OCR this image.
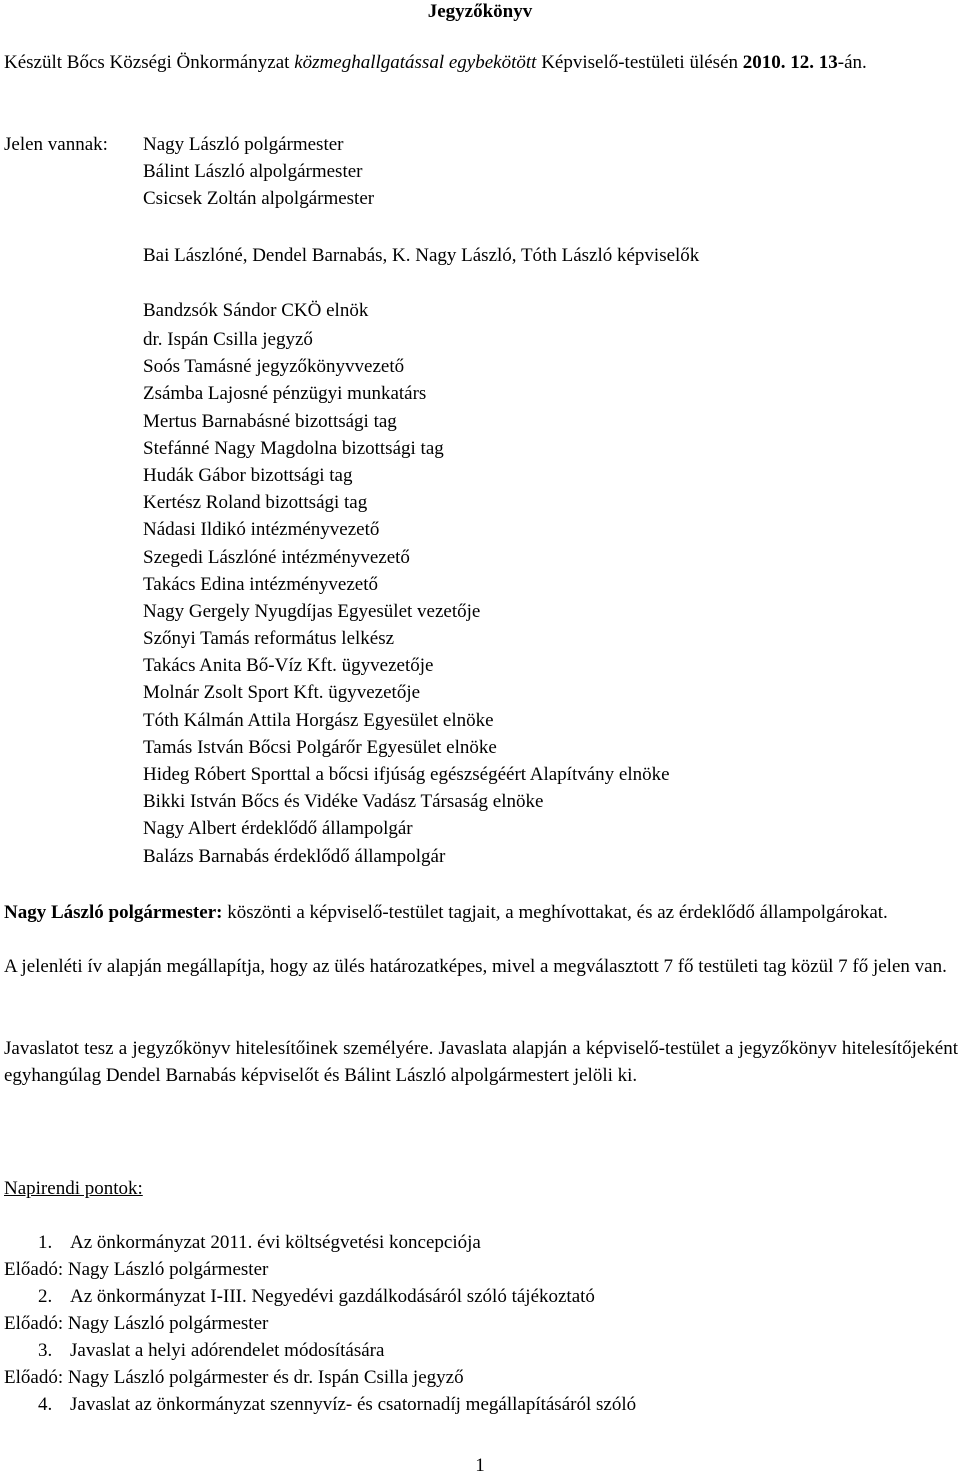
Jegyzőkönyv
Készült Bőcs Községi Önkormányzat közmeghallgatással egybekötött Képviselő-testületi ülésén 2010. 12. 13-án.
Jelen vannak: Nagy László polgármester
Bálint László alpolgármester
Csicsek Zoltán alpolgármester
Bai Lászlóné, Dendel Barnabás, K. Nagy László, Tóth László képviselők
Bandzsók Sándor CKÖ elnök
dr. Ispán Csilla jegyző
Soós Tamásné jegyzőkönyvvezető
Zsámba Lajosné pénzügyi munkatárs
Mertus Barnabásné bizottsági tag
Stefánné Nagy Magdolna bizottsági tag
Hudák Gábor bizottsági tag
Kertész Roland bizottsági tag
Nádasi Ildikó intézményvezető
Szegedi Lászlóné intézményvezető
Takács Edina intézményvezető
Nagy Gergely Nyugdíjas Egyesület vezetője
Szőnyi Tamás református lelkész
Takács Anita Bő-Víz Kft. ügyvezetője
Molnár Zsolt Sport Kft. ügyvezetője
Tóth Kálmán Attila Horgász Egyesület elnöke
Tamás István Bőcsi Polgárőr Egyesület elnöke
Hideg Róbert Sporttal a bőcsi ifjúság egészségéért Alapítvány elnöke
Bikki István Bőcs és Vidéke Vadász Társaság elnöke
Nagy Albert érdeklődő állampolgár
Balázs Barnabás érdeklődő állampolgár
Nagy László polgármester: köszönti a képviselő-testület tagjait, a meghívottakat, és az érdeklődő állampolgárokat.
A jelenléti ív alapján megállapítja, hogy az ülés határozatképes, mivel a megválasztott 7 fő testületi tag közül 7 fő jelen van.
Javaslatot tesz a jegyzőkönyv hitelesítőinek személyére. Javaslata alapján a képviselő-testület a jegyzőkönyv hitelesítőjeként egyhangúlag Dendel Barnabás képviselőt és Bálint László alpolgármestert jelöli ki.
Napirendi pontok:
1. Az önkormányzat 2011. évi költségvetési koncepciója
Előadó: Nagy László polgármester
2. Az önkormányzat I-III. Negyedévi gazdálkodásáról szóló tájékoztató
Előadó: Nagy László polgármester
3. Javaslat a helyi adórendelet módosítására
Előadó: Nagy László polgármester és dr. Ispán Csilla jegyző
4. Javaslat az önkormányzat szennyvíz- és csatornadíj megállapításáról szóló
1
